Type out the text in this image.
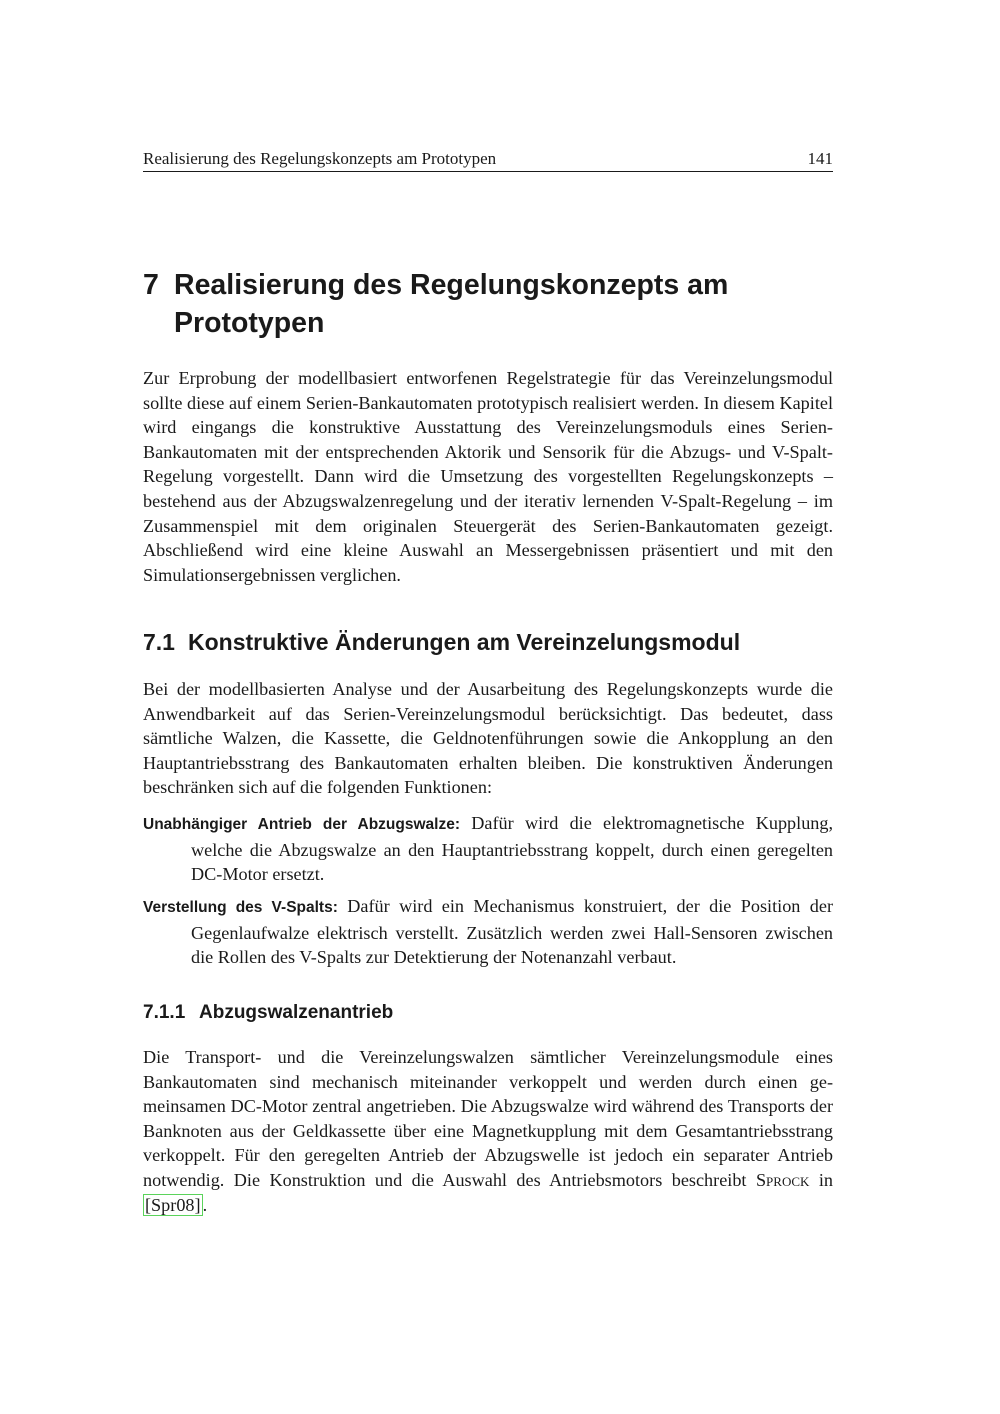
Realisierung des Regelungskonzepts am Prototypen	141
7 Realisierung des Regelungskonzepts am
Prototypen

Zur Erprobung der modellbasiert entworfenen Regelstrategie für das Vereinzelungsmodul sollte diese auf einem Serien-Bankautomaten prototypisch realisiert werden. In diesem Kapitel wird eingangs die konstruktive Ausstattung des Vereinzelungsmoduls eines Serien-Bankautomaten mit der entsprechenden Aktorik und Sensorik für die Abzugs- und V-Spalt-Regelung vorgestellt. Dann wird die Umsetzung des vorgestellten Regelungskonzepts – bestehend aus der Abzugswalzenregelung und der iterativ lernenden V-Spalt-Regelung – im Zusammenspiel mit dem originalen Steuergerät des Serien-Bankautomaten gezeigt. Abschließend wird eine kleine Auswahl an Messergebnissen präsentiert und mit den Simulationsergebnissen verglichen.

7.1 Konstruktive Änderungen am Vereinzelungsmodul

Bei der modellbasierten Analyse und der Ausarbeitung des Regelungskonzepts wurde die Anwendbarkeit auf das Serien-Vereinzelungsmodul berücksichtigt. Das bedeutet, dass sämtliche Walzen, die Kassette, die Geldnotenführungen sowie die Ankopplung an den Hauptantriebsstrang des Bankautomaten erhalten bleiben. Die konstruktiven Änderungen beschränken sich auf die folgenden Funktionen:

Unabhängiger Antrieb der Abzugswalze: Dafür wird die elektromagnetische Kupplung, welche die Abzugswalze an den Hauptantriebsstrang koppelt, durch einen geregelten DC-Motor ersetzt.
Verstellung des V-Spalts: Dafür wird ein Mechanismus konstruiert, der die Position der Gegenlaufwalze elektrisch verstellt. Zusätzlich werden zwei Hall-Sensoren zwischen die Rollen des V-Spalts zur Detektierung der Notenanzahl verbaut.
7.1.1 Abzugswalzenantrieb

Die Transport- und die Vereinzelungswalzen sämtlicher Vereinzelungsmodule eines Bankautomaten sind mechanisch miteinander verkoppelt und werden durch einen gemeinsamen DC-Motor zentral angetrieben. Die Abzugswalze wird während des Transports der Banknoten aus der Geldkassette über eine Magnetkupplung mit dem Gesamtantriebsstrang verkoppelt. Für den geregelten Antrieb der Abzugswelle ist jedoch ein separater Antrieb notwendig. Die Konstruktion und die Auswahl des Antriebsmotors beschreibt Sprock in [Spr08] .
